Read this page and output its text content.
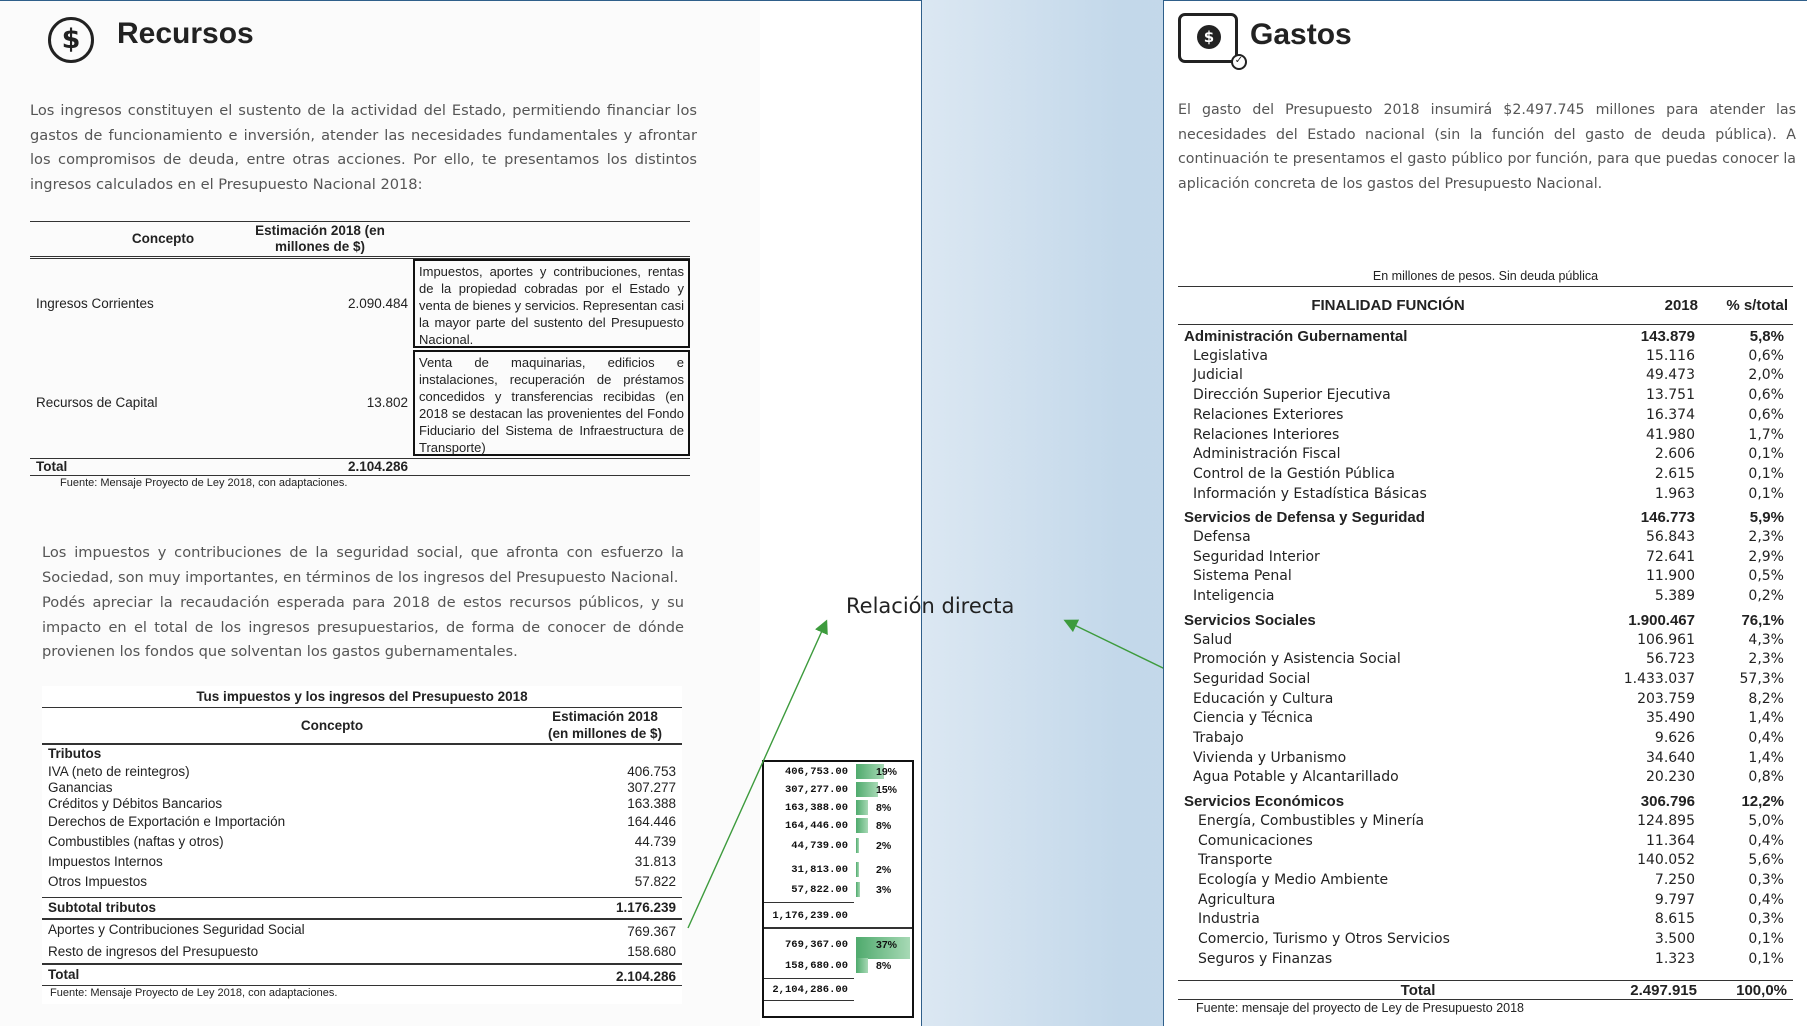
$	Recursos
Los ingresos constituyen el sustento de la actividad del Estado, permitiendo financiar los gastos de funcionamiento e inversión, atender las necesidades fundamentales y afrontar los compromisos de deuda, entre otras acciones. Por ello, te presentamos los distintos ingresos calculados en el Presupuesto Nacional 2018:
Concepto
Estimación 2018 (en
millones de $)
Ingresos Corrientes	2.090.484
Impuestos, aportes y contribuciones, rentas de la propiedad cobradas por el Estado y venta de bienes y servicios. Representan casi la mayor parte del sustento del Presupuesto Nacional.
Recursos de Capital	13.802
Venta de maquinarias, edificios e instalaciones, recuperación de préstamos concedidos y transferencias recibidas (en 2018 se destacan las provenientes del Fondo Fiduciario del Sistema de Infraestructura de Transporte)
Total	2.104.286
Fuente: Mensaje Proyecto de Ley 2018, con adaptaciones.
Los impuestos y contribuciones de la seguridad social, que afronta con esfuerzo la Sociedad, son muy importantes, en términos de los ingresos del Presupuesto Nacional.
Podés apreciar la recaudación esperada para 2018 de estos recursos públicos, y su impacto en el total de los ingresos presupuestarios, de forma de conocer de dónde provienen los fondos que solventan los gastos gubernamentales.
Tus impuestos y los ingresos del Presupuesto 2018
Concepto
Estimación 2018
(en millones de $)
Tributos
IVA (neto de reintegros)	406.753
Ganancias	307.277
Créditos y Débitos Bancarios	163.388
Derechos de Exportación e Importación	164.446
Combustibles (naftas y otros)	44.739
Impuestos Internos	31.813
Otros Impuestos	57.822
Subtotal tributos	1.176.239
Aportes y Contribuciones Seguridad Social	769.367
Resto de ingresos del Presupuesto	158.680
Total	2.104.286
Fuente: Mensaje Proyecto de Ley 2018, con adaptaciones.
406,753.00	19%
307,277.00	15%
163,388.00	8%
164,446.00	8%
44,739.00	2%
31,813.00	2%
57,822.00	3%
1,176,239.00
769,367.00	37%
158,680.00	8%
2,104,286.00
Relación directa
$
✓
Gastos
El gasto del Presupuesto 2018 insumirá $2.497.745 millones para atender las necesidades del Estado nacional (sin la función del gasto de deuda pública). A continuación te presentamos el gasto público por función, para que puedas conocer la aplicación concreta de los gastos del Presupuesto Nacional.
En millones de pesos. Sin deuda pública
FINALIDAD FUNCIÓN	2018	% s/total
Administración Gubernamental	143.879	5,8%
Legislativa	15.116	0,6%
Judicial	49.473	2,0%
Dirección Superior Ejecutiva	13.751	0,6%
Relaciones Exteriores	16.374	0,6%
Relaciones Interiores	41.980	1,7%
Administración Fiscal	2.606	0,1%
Control de la Gestión Pública	2.615	0,1%
Información y Estadística Básicas	1.963	0,1%
Servicios de Defensa y Seguridad	146.773	5,9%
Defensa	56.843	2,3%
Seguridad Interior	72.641	2,9%
Sistema Penal	11.900	0,5%
Inteligencia	5.389	0,2%
Servicios Sociales	1.900.467	76,1%
Salud	106.961	4,3%
Promoción y Asistencia Social	56.723	2,3%
Seguridad Social	1.433.037	57,3%
Educación y Cultura	203.759	8,2%
Ciencia y Técnica	35.490	1,4%
Trabajo	9.626	0,4%
Vivienda y Urbanismo	34.640	1,4%
Agua Potable y Alcantarillado	20.230	0,8%
Servicios Económicos	306.796	12,2%
Energía, Combustibles y Minería	124.895	5,0%
Comunicaciones	11.364	0,4%
Transporte	140.052	5,6%
Ecología y Medio Ambiente	7.250	0,3%
Agricultura	9.797	0,4%
Industria	8.615	0,3%
Comercio, Turismo y Otros Servicios	3.500	0,1%
Seguros y Finanzas	1.323	0,1%
Total	2.497.915	100,0%
Fuente: mensaje del proyecto de Ley de Presupuesto 2018
